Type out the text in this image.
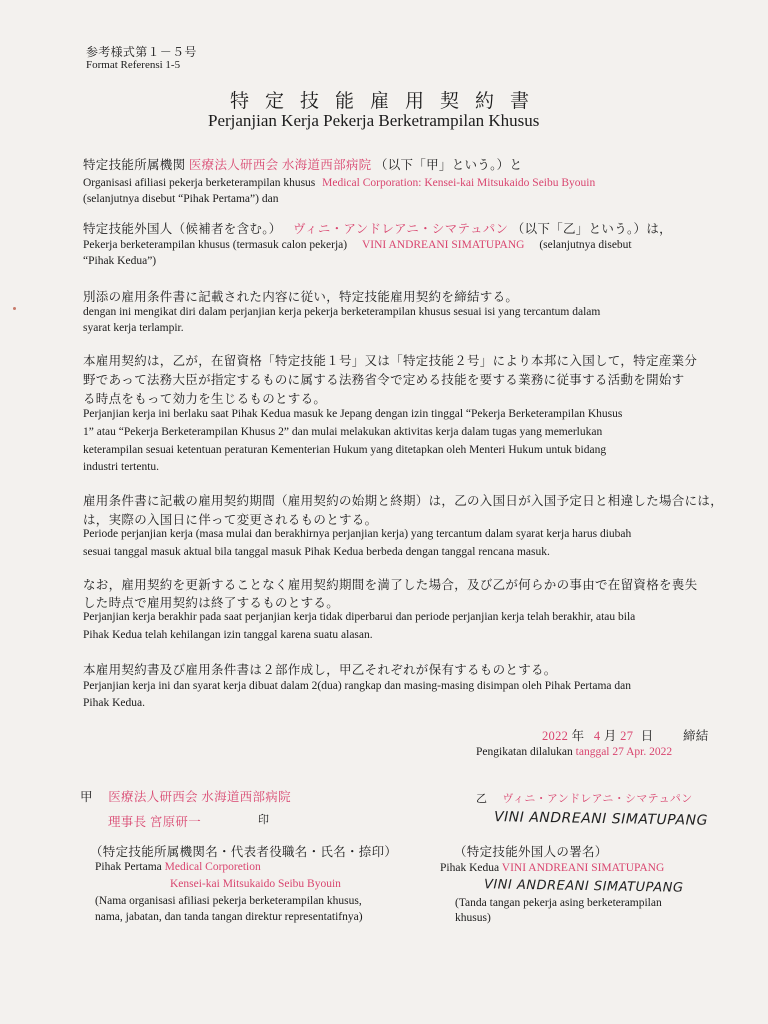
参考様式第１－５号
Format Referensi 1-5
特定技能雇用契約書
Perjanjian Kerja Pekerja Berketrampilan Khusus
特定技能所属機関 医療法人研西会 水海道西部病院 （以下「甲」という。）と
Organisasi afiliasi pekerja berketerampilan khusus Medical Corporation: Kensei-kai Mitsukaido Seibu Byouin
(selanjutnya disebut “Pihak Pertama”) dan
特定技能外国人（候補者を含む。） ヴィニ・アンドレアニ・シマテュパン （以下「乙」という。）は，
Pekerja berketerampilan khusus (termasuk calon pekerja) VINI ANDREANI SIMATUPANG (selanjutnya disebut
“Pihak Kedua”)
別添の雇用条件書に記載された内容に従い，特定技能雇用契約を締結する。
dengan ini mengikat diri dalam perjanjian kerja pekerja berketerampilan khusus sesuai isi yang tercantum dalam
syarat kerja terlampir.
本雇用契約は，乙が，在留資格「特定技能１号」又は「特定技能２号」により本邦に入国して，特定産業分
野であって法務大臣が指定するものに属する法務省令で定める技能を要する業務に従事する活動を開始す
る時点をもって効力を生じるものとする。
Perjanjian kerja ini berlaku saat Pihak Kedua masuk ke Jepang dengan izin tinggal “Pekerja Berketerampilan Khusus
1” atau “Pekerja Berketerampilan Khusus 2” dan mulai melakukan aktivitas kerja dalam tugas yang memerlukan
keterampilan sesuai ketentuan peraturan Kementerian Hukum yang ditetapkan oleh Menteri Hukum untuk bidang
industri tertentu.
雇用条件書に記載の雇用契約期間（雇用契約の始期と終期）は，乙の入国日が入国予定日と相違した場合には，
は，実際の入国日に伴って変更されるものとする。
Periode perjanjian kerja (masa mulai dan berakhirnya perjanjian kerja) yang tercantum dalam syarat kerja harus diubah
sesuai tanggal masuk aktual bila tanggal masuk Pihak Kedua berbeda dengan tanggal rencana masuk.
なお，雇用契約を更新することなく雇用契約期間を満了した場合，及び乙が何らかの事由で在留資格を喪失
した時点で雇用契約は終了するものとする。
Perjanjian kerja berakhir pada saat perjanjian kerja tidak diperbarui dan periode perjanjian kerja telah berakhir, atau bila
Pihak Kedua telah kehilangan izin tanggal karena suatu alasan.
本雇用契約書及び雇用条件書は２部作成し，甲乙それぞれが保有するものとする。
Perjanjian kerja ini dan syarat kerja dibuat dalam 2(dua) rangkap dan masing-masing disimpan oleh Pihak Pertama dan
Pihak Kedua.
2022 年 4 月 27 日 締結
Pengikatan dilalukan tanggal 27 Apr. 2022
甲 医療法人研西会 水海道西部病院
理事長 宮原研一	印
（特定技能所属機関名・代表者役職名・氏名・捺印）
Pihak Pertama Medical Corporetion
Kensei-kai Mitsukaido Seibu Byouin
(Nama organisasi afiliasi pekerja berketerampilan khusus,
nama, jabatan, dan tanda tangan direktur representatifnya)
乙 ヴィニ・アンドレアニ・シマテュパン
VINI ANDREANI SIMATUPANG
（特定技能外国人の署名）
Pihak Kedua VINI ANDREANI SIMATUPANG
VINI ANDREANI SIMATUPANG
(Tanda tangan pekerja asing berketerampilan
khusus)
